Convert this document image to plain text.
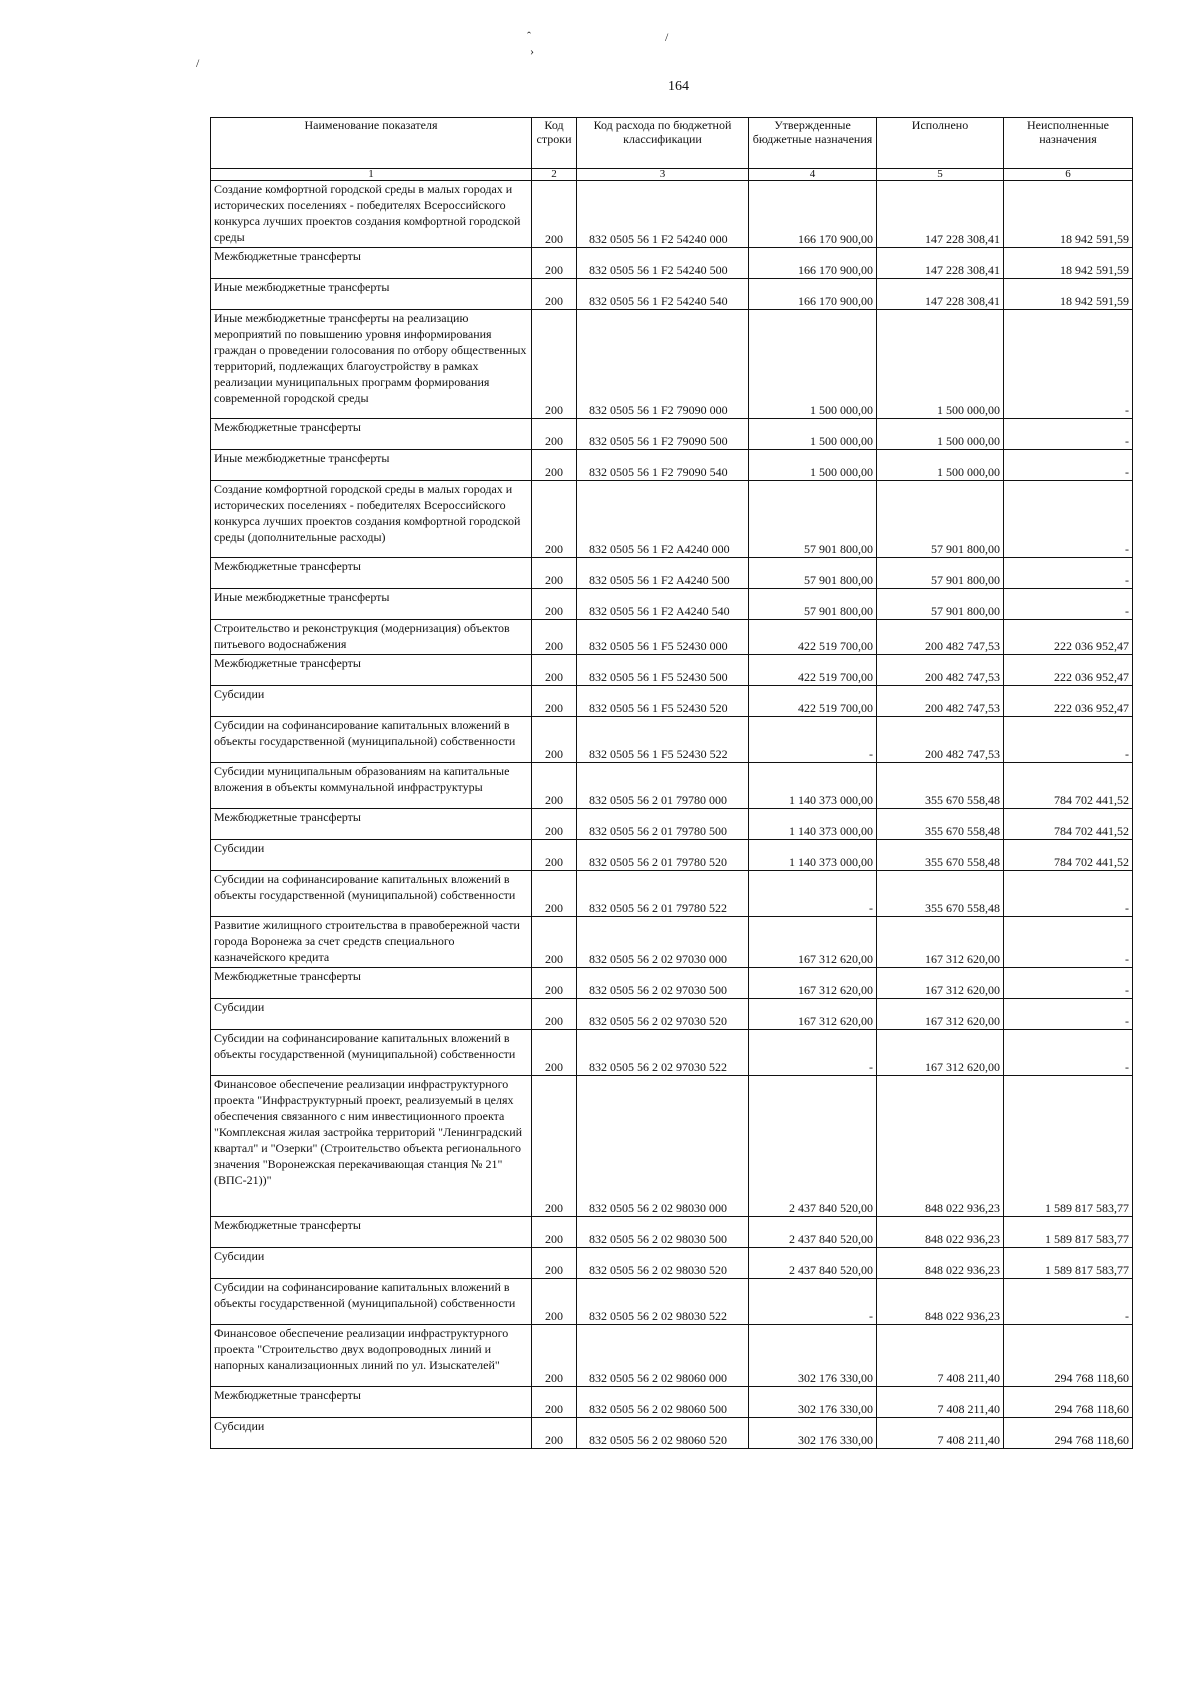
ꞈ
/
/
›
164
Наименование показателя	Код строки	Код расхода по бюджетной классификации	Утвержденные бюджетные назначения	Исполнено	Неисполненные назначения
1	2	3	4	5	6
Создание комфортной городской среды в малых городах и исторических поселениях - победителях Всероссийского конкурса лучших проектов создания комфортной городской среды	200	832 0505 56 1 F2 54240 000	166 170 900,00	147 228 308,41	18 942 591,59
Межбюджетные трансферты	200	832 0505 56 1 F2 54240 500	166 170 900,00	147 228 308,41	18 942 591,59
Иные межбюджетные трансферты	200	832 0505 56 1 F2 54240 540	166 170 900,00	147 228 308,41	18 942 591,59
Иные межбюджетные трансферты на реализацию мероприятий по повышению уровня информирования граждан о проведении голосования по отбору общественных территорий, подлежащих благоустройству в рамках реализации муниципальных программ формирования современной городской среды	200	832 0505 56 1 F2 79090 000	1 500 000,00	1 500 000,00	-
Межбюджетные трансферты	200	832 0505 56 1 F2 79090 500	1 500 000,00	1 500 000,00	-
Иные межбюджетные трансферты	200	832 0505 56 1 F2 79090 540	1 500 000,00	1 500 000,00	-
Создание комфортной городской среды в малых городах и исторических поселениях - победителях Всероссийского конкурса лучших проектов создания комфортной городской среды (дополнительные расходы)	200	832 0505 56 1 F2 A4240 000	57 901 800,00	57 901 800,00	-
Межбюджетные трансферты	200	832 0505 56 1 F2 A4240 500	57 901 800,00	57 901 800,00	-
Иные межбюджетные трансферты	200	832 0505 56 1 F2 A4240 540	57 901 800,00	57 901 800,00	-
Строительство и реконструкция (модернизация) объектов питьевого водоснабжения	200	832 0505 56 1 F5 52430 000	422 519 700,00	200 482 747,53	222 036 952,47
Межбюджетные трансферты	200	832 0505 56 1 F5 52430 500	422 519 700,00	200 482 747,53	222 036 952,47
Субсидии	200	832 0505 56 1 F5 52430 520	422 519 700,00	200 482 747,53	222 036 952,47
Субсидии на софинансирование капитальных вложений в объекты государственной (муниципальной) собственности	200	832 0505 56 1 F5 52430 522	-	200 482 747,53	-
Субсидии муниципальным образованиям на капитальные вложения в объекты коммунальной инфраструктуры	200	832 0505 56 2 01 79780 000	1 140 373 000,00	355 670 558,48	784 702 441,52
Межбюджетные трансферты	200	832 0505 56 2 01 79780 500	1 140 373 000,00	355 670 558,48	784 702 441,52
Субсидии	200	832 0505 56 2 01 79780 520	1 140 373 000,00	355 670 558,48	784 702 441,52
Субсидии на софинансирование капитальных вложений в объекты государственной (муниципальной) собственности	200	832 0505 56 2 01 79780 522	-	355 670 558,48	-
Развитие жилищного строительства в правобережной части города Воронежа за счет средств специального казначейского кредита	200	832 0505 56 2 02 97030 000	167 312 620,00	167 312 620,00	-
Межбюджетные трансферты	200	832 0505 56 2 02 97030 500	167 312 620,00	167 312 620,00	-
Субсидии	200	832 0505 56 2 02 97030 520	167 312 620,00	167 312 620,00	-
Субсидии на софинансирование капитальных вложений в объекты государственной (муниципальной) собственности	200	832 0505 56 2 02 97030 522	-	167 312 620,00	-
Финансовое обеспечение реализации инфраструктурного проекта "Инфраструктурный проект, реализуемый в целях обеспечения связанного с ним инвестиционного проекта "Комплексная жилая застройка территорий "Ленинградский квартал" и "Озерки" (Строительство объекта регионального значения "Воронежская перекачивающая станция № 21" (ВПС-21))"	200	832 0505 56 2 02 98030 000	2 437 840 520,00	848 022 936,23	1 589 817 583,77
Межбюджетные трансферты	200	832 0505 56 2 02 98030 500	2 437 840 520,00	848 022 936,23	1 589 817 583,77
Субсидии	200	832 0505 56 2 02 98030 520	2 437 840 520,00	848 022 936,23	1 589 817 583,77
Субсидии на софинансирование капитальных вложений в объекты государственной (муниципальной) собственности	200	832 0505 56 2 02 98030 522	-	848 022 936,23	-
Финансовое обеспечение реализации инфраструктурного проекта "Строительство двух водопроводных линий и напорных канализационных линий по ул. Изыскателей"	200	832 0505 56 2 02 98060 000	302 176 330,00	7 408 211,40	294 768 118,60
Межбюджетные трансферты	200	832 0505 56 2 02 98060 500	302 176 330,00	7 408 211,40	294 768 118,60
Субсидии	200	832 0505 56 2 02 98060 520	302 176 330,00	7 408 211,40	294 768 118,60
